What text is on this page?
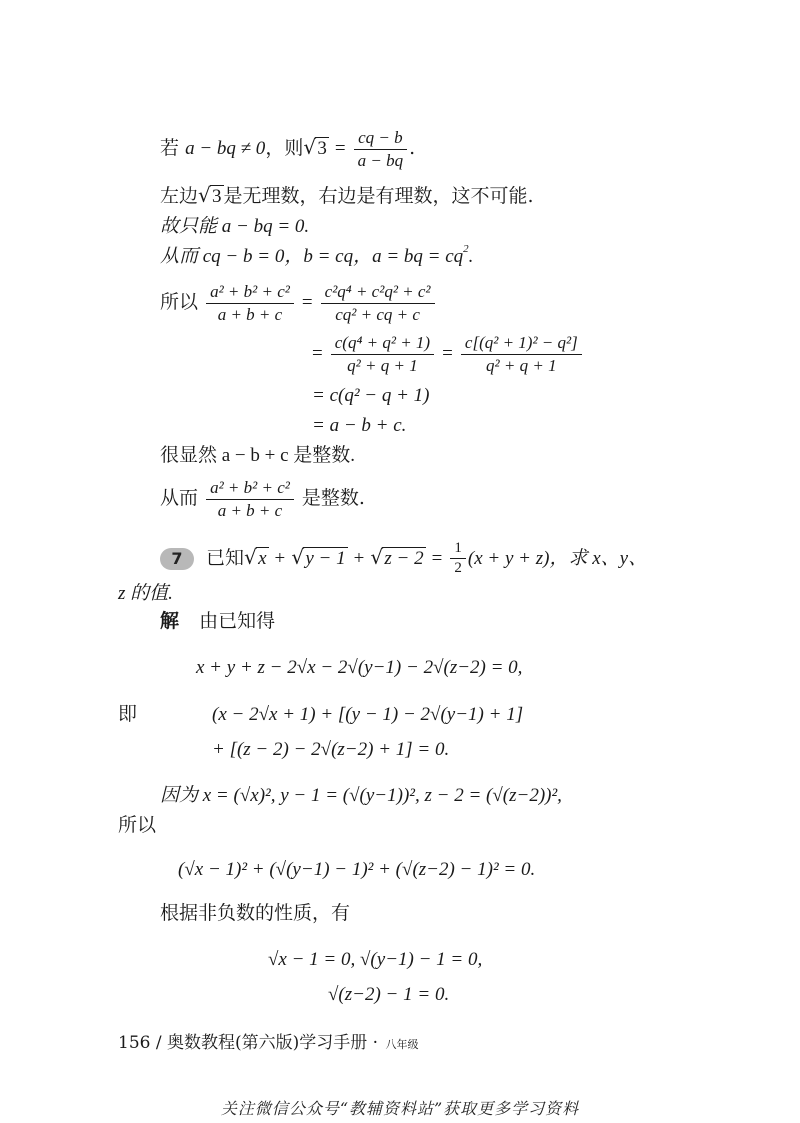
若 a − bq ≠ 0，则 √ $3 = \frac{cq - b}{a - bq}$ .
左边 √ 3 是无理数，右边是有理数，这不可能.
故只能 a − bq = 0.
从而 cq − b = 0，b = cq，a = bq = $cq^2$.
所以 $\frac{\text{a² + b² + c²}}{a + b + c} = \frac{\text{c²q⁴ + c²q² + c²}}{\text{cq² + cq + c}}$
= $\frac{\text{c(q⁴ + q² + 1)}}{\text{q² + q + 1}} = \frac{\text{c[(q² + 1)² − q²]}}{\text{q² + q + 1}}$
= c(q² − q + 1)
= a − b + c.
很显然 a − b + c 是整数.
从而 $\frac{\text{a² + b² + c²}}{a + b + c}$ 是整数.
7 已知 √ x + √ y − 1 + √ $z - 2 = \frac{1}{2} (x + y + z)$，求 x、y、
z 的值.
解 由已知得
x + y + z − 2√x − 2√(y−1) − 2√(z−2) = 0,
即	(x − 2√x + 1) + [(y − 1) − 2√(y−1) + 1]
+ [(z − 2) − 2√(z−2) + 1] = 0.
因为 x = (√x)², y − 1 = (√(y−1))², z − 2 = (√(z−2))²,
所以
(√x − 1)² + (√(y−1) − 1)² + (√(z−2) − 1)² = 0.
根据非负数的性质，有
√x − 1 = 0, √(y−1) − 1 = 0,
√(z−2) − 1 = 0.
156 / 奥数教程(第六版)学习手册 · 八年级
关注微信公众号“教辅资料站”获取更多学习资料
